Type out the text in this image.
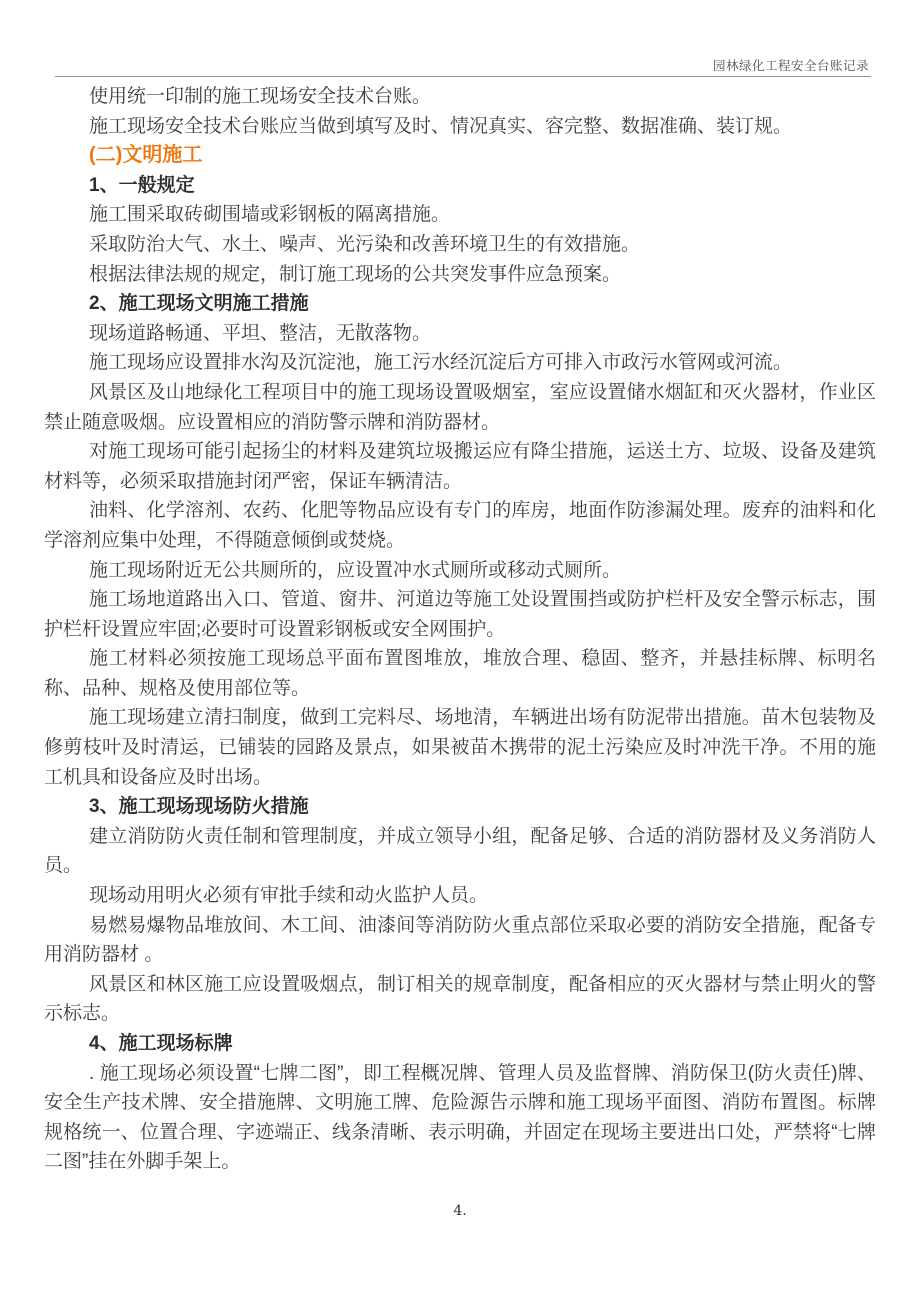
园林绿化工程安全台账记录

使用统一印制的施工现场安全技术台账。

施工现场安全技术台账应当做到填写及时、情况真实、容完整、数据准确、装订规。

(二)文明施工

1、一般规定

施工围采取砖砌围墙或彩钢板的隔离措施。

采取防治大气、水土、噪声、光污染和改善环境卫生的有效措施。

根据法律法规的规定，制订施工现场的公共突发事件应急预案。

2、施工现场文明施工措施

现场道路畅通、平坦、整洁，无散落物。

施工现场应设置排水沟及沉淀池，施工污水经沉淀后方可排入市政污水管网或河流。

风景区及山地绿化工程项目中的施工现场设置吸烟室，室应设置储水烟缸和灭火器材，作业区禁止随意吸烟。应设置相应的消防警示牌和消防器材。

对施工现场可能引起扬尘的材料及建筑垃圾搬运应有降尘措施，运送土方、垃圾、设备及建筑材料等，必须采取措施封闭严密，保证车辆清洁。

油料、化学溶剂、农药、化肥等物品应设有专门的库房，地面作防渗漏处理。废弃的油料和化学溶剂应集中处理，不得随意倾倒或焚烧。

施工现场附近无公共厕所的，应设置冲水式厕所或移动式厕所。

施工场地道路出入口、管道、窗井、河道边等施工处设置围挡或防护栏杆及安全警示标志，围护栏杆设置应牢固;必要时可设置彩钢板或安全网围护。

施工材料必须按施工现场总平面布置图堆放，堆放合理、稳固、整齐，并悬挂标牌、标明名称、品种、规格及使用部位等。

施工现场建立清扫制度，做到工完料尽、场地清，车辆进出场有防泥带出措施。苗木包装物及修剪枝叶及时清运，已铺装的园路及景点，如果被苗木携带的泥土污染应及时冲洗干净。不用的施工机具和设备应及时出场。

3、施工现场现场防火措施

建立消防防火责任制和管理制度，并成立领导小组，配备足够、合适的消防器材及义务消防人员。

现场动用明火必须有审批手续和动火监护人员。

易燃易爆物品堆放间、木工间、油漆间等消防防火重点部位采取必要的消防安全措施，配备专用消防器材 。

风景区和林区施工应设置吸烟点，制订相关的规章制度，配备相应的灭火器材与禁止明火的警示标志。

4、施工现场标牌

. 施工现场必须设置“七牌二图”，即工程概况牌、管理人员及监督牌、消防保卫(防火责任)牌、安全生产技术牌、安全措施牌、文明施工牌、危险源告示牌和施工现场平面图、消防布置图。标牌规格统一、位置合理、字迹端正、线条清晰、表示明确，并固定在现场主要进出口处，严禁将“七牌二图”挂在外脚手架上。

4.
